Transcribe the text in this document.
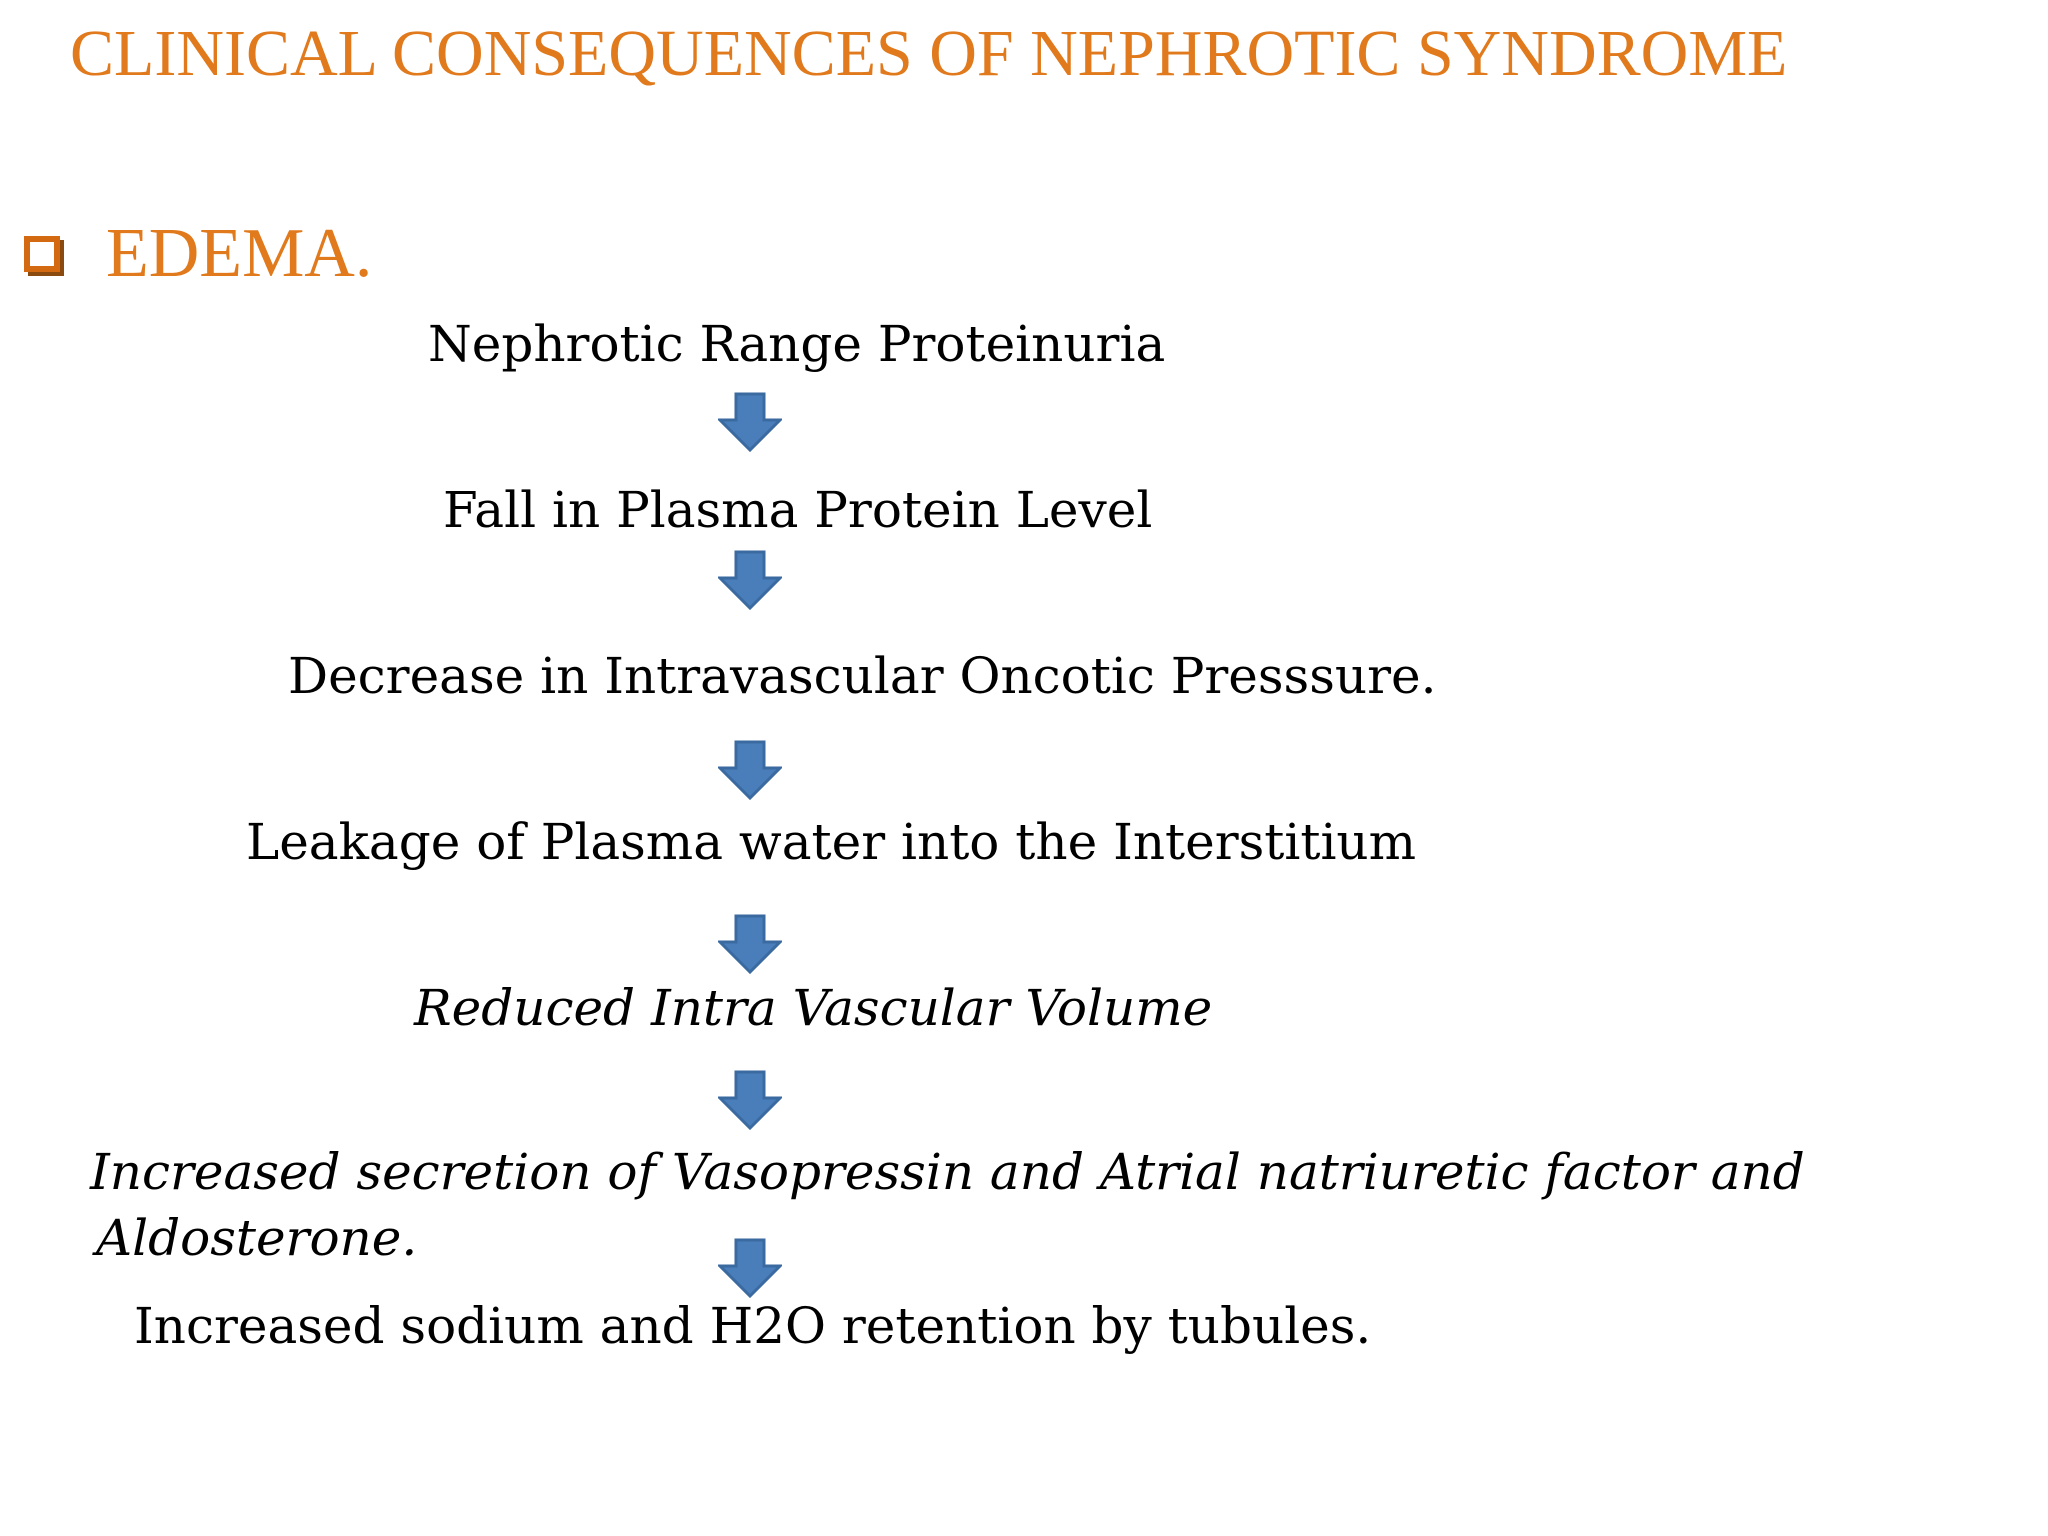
CLINICAL CONSEQUENCES OF NEPHROTIC SYNDROME
EDEMA.
Nephrotic Range Proteinuria
Fall in Plasma Protein Level
Decrease in Intravascular Oncotic Presssure.
Leakage of Plasma water into the Interstitium
Reduced Intra Vascular Volume
Increased secretion of Vasopressin and Atrial natriuretic factor and
Aldosterone.
Increased sodium and H2O retention by tubules.
